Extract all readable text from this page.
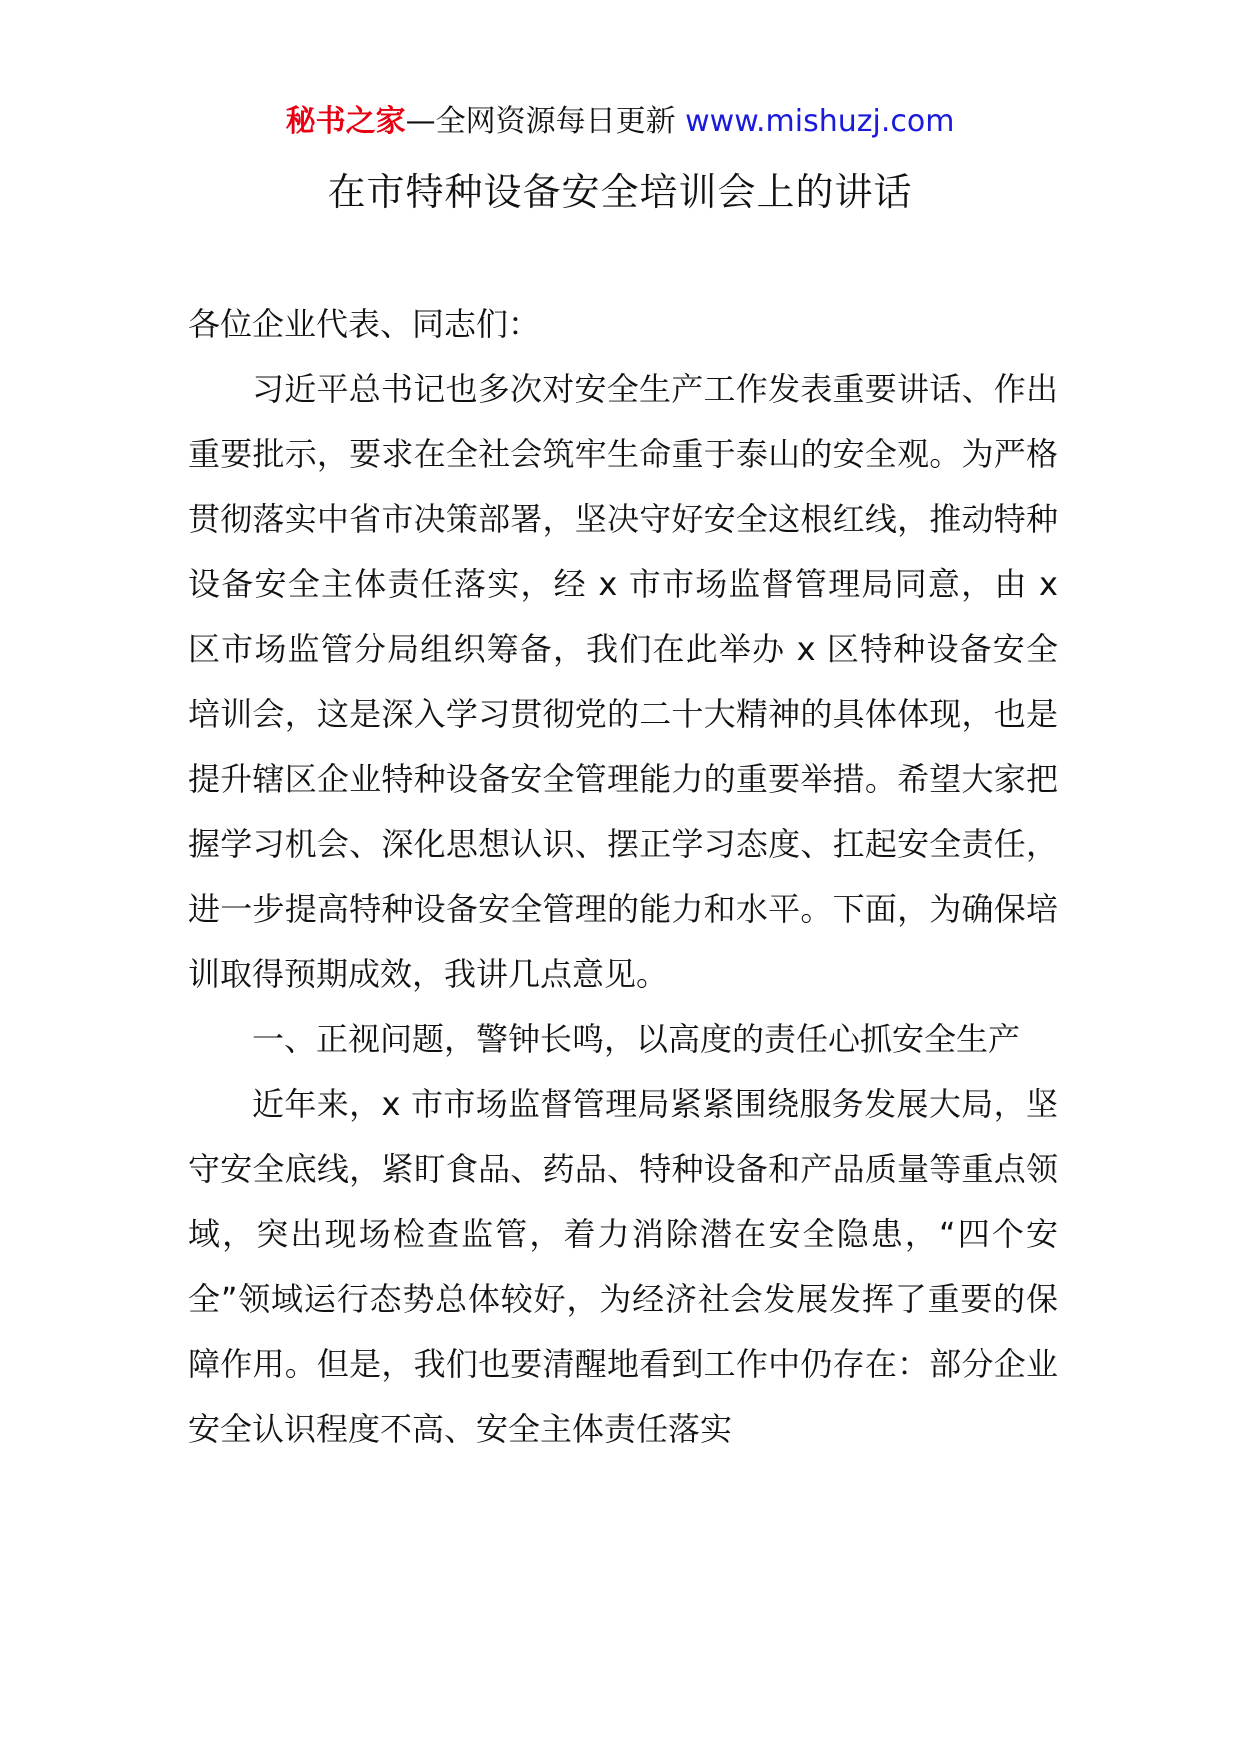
秘书之家—全网资源每日更新 www.mishuzj.com
在市特种设备安全培训会上的讲话

各位企业代表、同志们：

习近平总书记也多次对安全生产工作发表重要讲话、作出重要批示，要求在全社会筑牢生命重于泰山的安全观。为严格贯彻落实中省市决策部署，坚决守好安全这根红线，推动特种设备安全主体责任落实，经 x 市市场监督管理局同意，由 x 区市场监管分局组织筹备，我们在此举办 x 区特种设备安全培训会，这是深入学习贯彻党的二十大精神的具体体现，也是提升辖区企业特种设备安全管理能力的重要举措。希望大家把握学习机会、深化思想认识、摆正学习态度、扛起安全责任，进一步提高特种设备安全管理的能力和水平。下面，为确保培训取得预期成效，我讲几点意见。

一、正视问题，警钟长鸣，以高度的责任心抓安全生产

近年来，x 市市场监督管理局紧紧围绕服务发展大局，坚守安全底线，紧盯食品、药品、特种设备和产品质量等重点领域，突出现场检查监管，着力消除潜在安全隐患，“四个安全”领域运行态势总体较好，为经济社会发展发挥了重要的保障作用。但是，我们也要清醒地看到工作中仍存在：部分企业安全认识程度不高、安全主体责任落实
